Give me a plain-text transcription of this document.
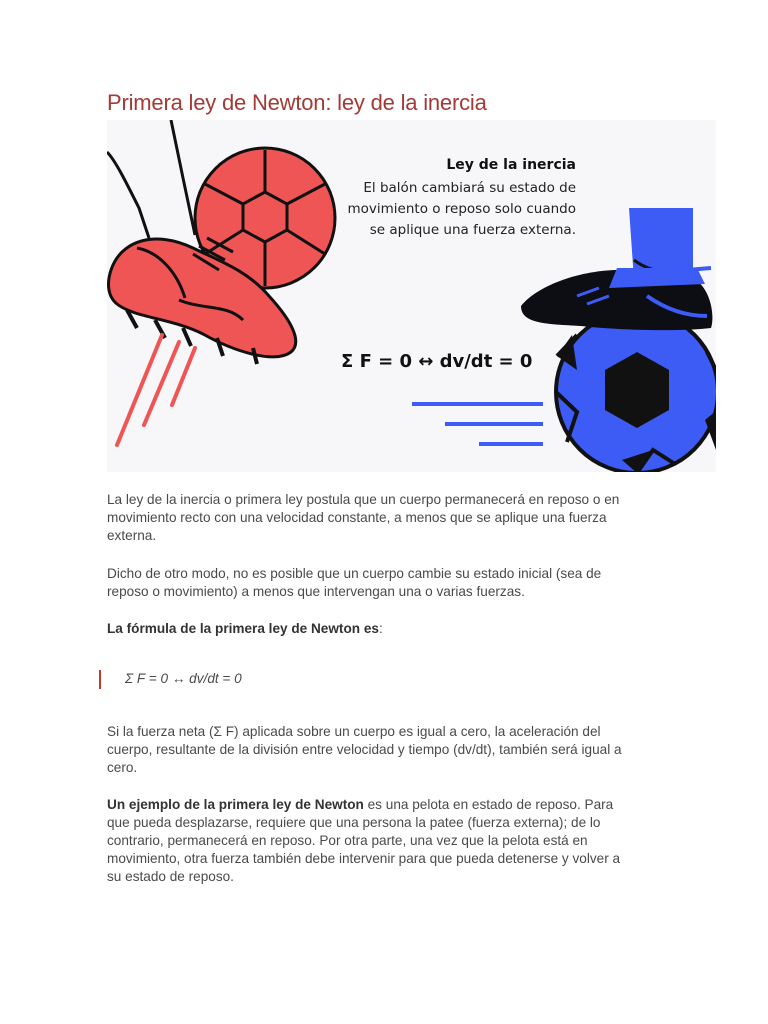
Primera ley de Newton: ley de la inercia

Ley de la inercia

El balón cambiará su estado de movimiento o reposo solo cuando se aplique una fuerza externa.

Σ F = 0 ↔ dv/dt = 0

La ley de la inercia o primera ley postula que un cuerpo permanecerá en reposo o en movimiento recto con una velocidad constante, a menos que se aplique una fuerza externa.

Dicho de otro modo, no es posible que un cuerpo cambie su estado inicial (sea de reposo o movimiento) a menos que intervengan una o varias fuerzas.

La fórmula de la primera ley de Newton es:

Σ F = 0 ↔ dv/dt = 0

Si la fuerza neta (Σ F) aplicada sobre un cuerpo es igual a cero, la aceleración del cuerpo, resultante de la división entre velocidad y tiempo (dv/dt), también será igual a cero.

Un ejemplo de la primera ley de Newton es una pelota en estado de reposo. Para que pueda desplazarse, requiere que una persona la patee (fuerza externa); de lo contrario, permanecerá en reposo. Por otra parte, una vez que la pelota está en movimiento, otra fuerza también debe intervenir para que pueda detenerse y volver a su estado de reposo.
